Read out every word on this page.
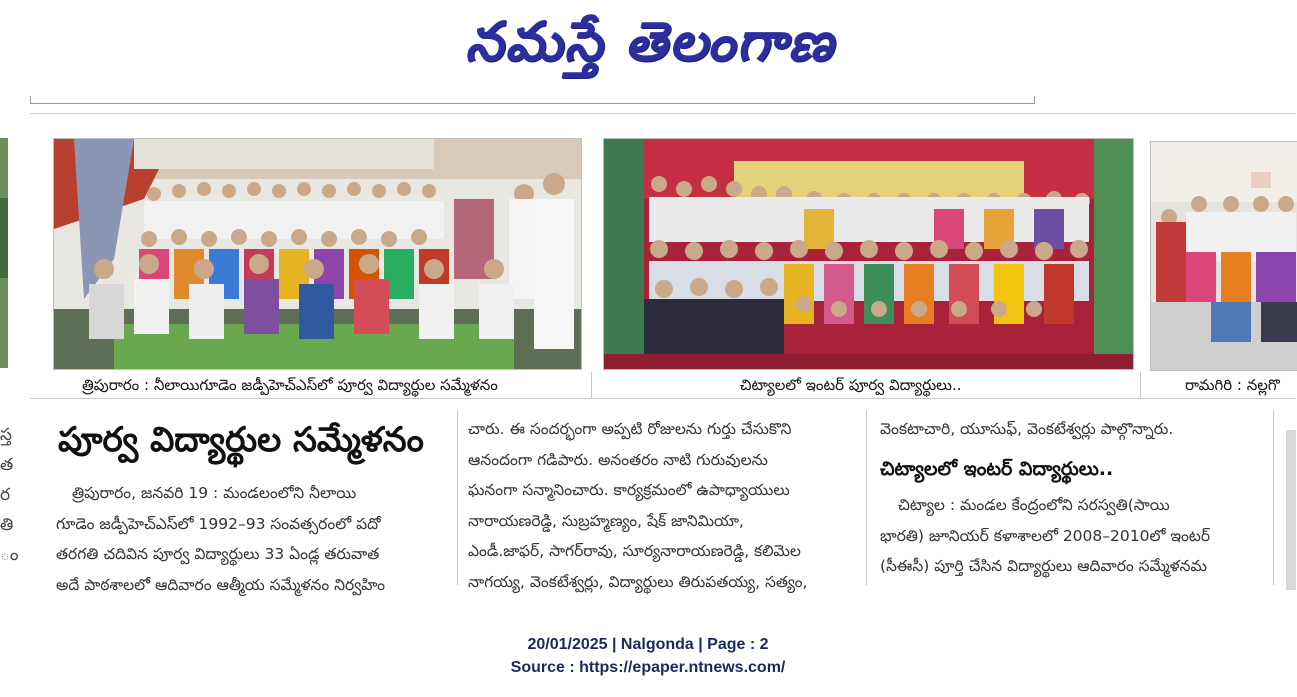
నమస్తే తెలంగాణ
త్రిపురారం : నీలాయిగూడెం జడ్పీహెచ్ఎస్‌లో పూర్వ విద్యార్థుల సమ్మేళనం	చిట్యాలలో ఇంటర్ పూర్వ విద్యార్థులు..	రామగిరి : నల్లగొ
స్త
త
ర
తి
ం
పూర్వ విద్యార్థుల సమ్మేళనం
త్రిపురారం, జనవరి 19 : మండలంలోని నీలాయి
గూడెం జడ్పీహెచ్ఎస్‌లో 1992–93 సంవత్సరంలో పదో
తరగతి చదివిన పూర్వ విద్యార్థులు 33 ఏండ్ల తరువాత
అదే పాఠశాలలో ఆదివారం ఆత్మీయ సమ్మేళనం నిర్వహిం
చారు. ఈ సందర్భంగా అప్పటి రోజులను గుర్తు చేసుకొని
ఆనందంగా గడిపారు. అనంతరం నాటి గురువులను
ఘనంగా సన్మానించారు. కార్యక్రమంలో ఉపాధ్యాయులు
నారాయణరెడ్డి, సుబ్రహ్మణ్యం, షేక్ జానిమియా,
ఎండీ.జాఫర్, సాగర్‌రావు, సూర్యనారాయణరెడ్డి, కలిమెల
నాగయ్య, వెంకటేశ్వర్లు, విద్యార్థులు తిరుపతయ్య, సత్యం,
వెంకటాచారి, యూసుఫ్, వెంకటేశ్వర్లు పాల్గొన్నారు.
చిట్యాలలో ఇంటర్ విద్యార్థులు..
చిట్యాల : మండల కేంద్రంలోని సరస్వతి(సాయి
భారతి) జూనియర్ కళాశాలలో 2008–2010లో ఇంటర్
(సీఈసీ) పూర్తి చేసిన విద్యార్థులు ఆదివారం సమ్మేళనమ
20/01/2025 | Nalgonda | Page : 2
Source : https://epaper.ntnews.com/
